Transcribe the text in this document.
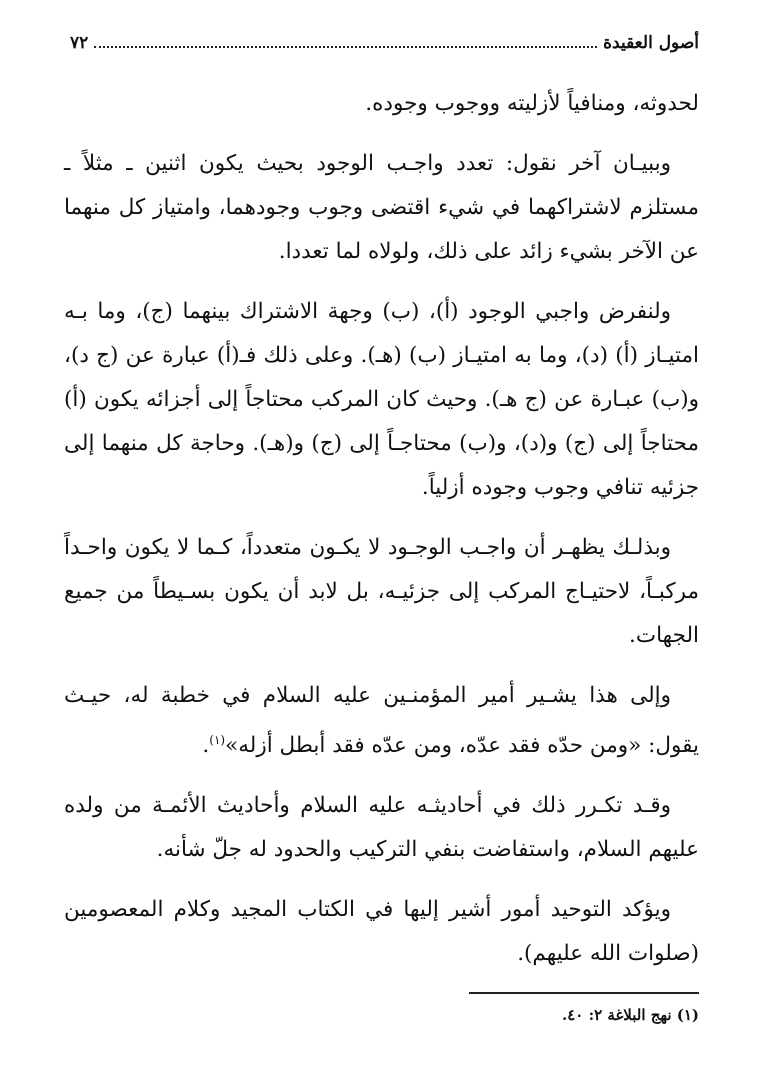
أصول العقيدة
٧٢

لحدوثه، ومنافياً لأزليته ووجوب وجوده.

وببيـان آخر نقول: تعدد واجـب الوجود بحيث يكون اثنين ـ مثلاً ـ مستلزم لاشتراكهما في شيء اقتضى وجوب وجودهما، وامتياز كل منهما عن الآخر بشيء زائد على ذلك، ولولاه لما تعددا.

ولنفرض واجبي الوجود (أ)، (ب) وجهة الاشتراك بينهما (ج)، وما بـه امتيـاز (أ) (د)، وما به امتيـاز (ب) (هـ). وعلى ذلك فـ(أ) عبارة عن (ج د)، و(ب) عبـارة عن (ج هـ). وحيث كان المركب محتاجاً إلى أجزائه يكون (أ) محتاجاً إلى (ج) و(د)، و(ب) محتاجـاً إلى (ج) و(هـ). وحاجة كل منهما إلى جزئيه تنافي وجوب وجوده أزلياً.

وبذلـك يظهـر أن واجـب الوجـود لا يكـون متعدداً، كـما لا يكون واحـداً مركبـاً، لاحتيـاج المركب إلى جزئيـه، بل لابد أن يكون بسـيطاً من جميع الجهات.

وإلى هذا يشـير أمير المؤمنـين عليه السلام في خطبة له، حيـث يقول: «ومن حدّه فقد عدّه، ومن عدّه فقد أبطل أزله»$^{(١)}$.

وقـد تكـرر ذلك في أحاديثـه عليه السلام وأحاديث الأئمـة من ولده عليهم السلام، واستفاضت بنفي التركيب والحدود له جلّ شأنه.

ويؤكد التوحيد أمور أشير إليها في الكتاب المجيد وكلام المعصومين (صلوات الله عليهم).

(١) نهج البلاغة ٢: ٤٠.
